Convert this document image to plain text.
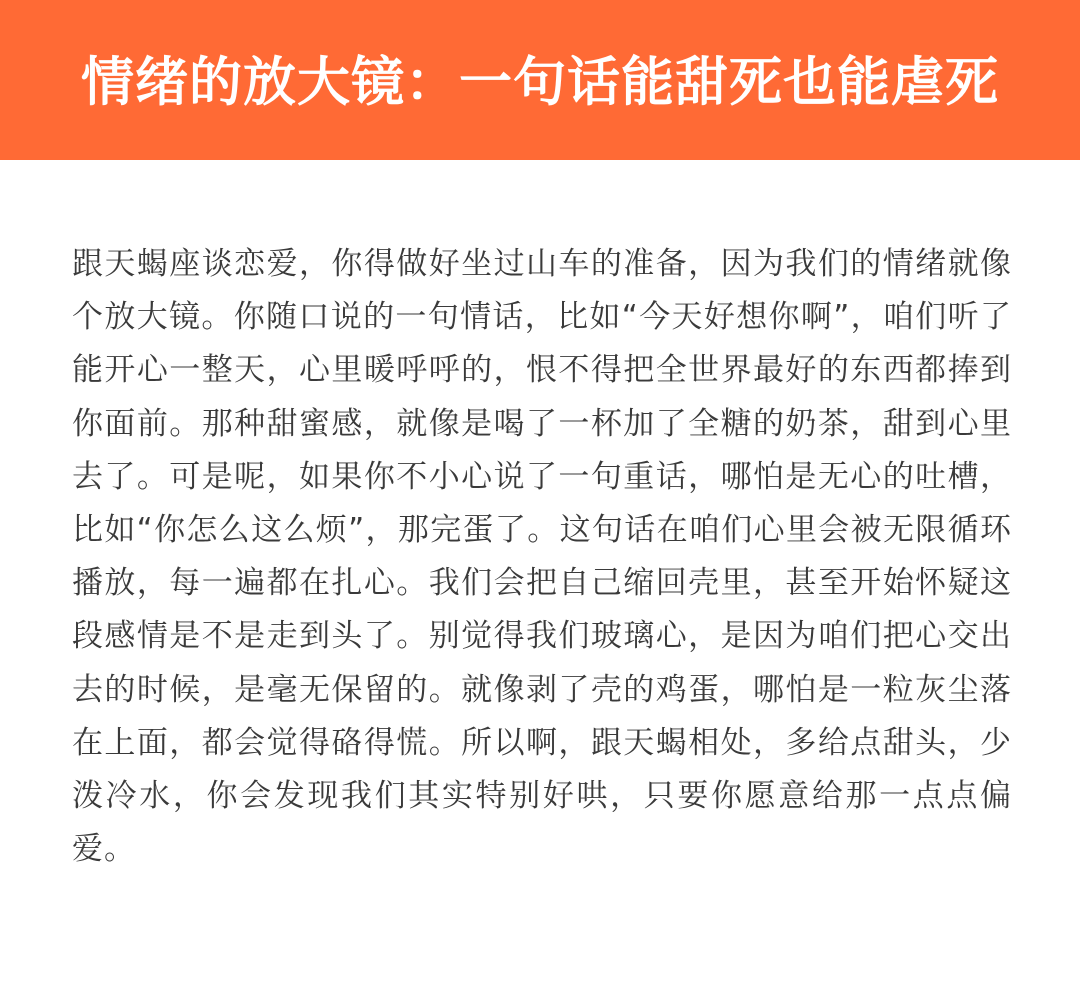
情绪的放大镜：一句话能甜死也能虐死

跟天蝎座谈恋爱，你得做好坐过山车的准备，因为我们的情绪就像个放大镜。你随口说的一句情话，比如“今天好想你啊”，咱们听了能开心一整天，心里暖呼呼的，恨不得把全世界最好的东西都捧到你面前。那种甜蜜感，就像是喝了一杯加了全糖的奶茶，甜到心里去了。可是呢，如果你不小心说了一句重话，哪怕是无心的吐槽，比如“你怎么这么烦”，那完蛋了。这句话在咱们心里会被无限循环播放，每一遍都在扎心。我们会把自己缩回壳里，甚至开始怀疑这段感情是不是走到头了。别觉得我们玻璃心，是因为咱们把心交出去的时候，是毫无保留的。就像剥了壳的鸡蛋，哪怕是一粒灰尘落在上面，都会觉得硌得慌。所以啊，跟天蝎相处，多给点甜头，少泼冷水，你会发现我们其实特别好哄，只要你愿意给那一点点偏爱。
